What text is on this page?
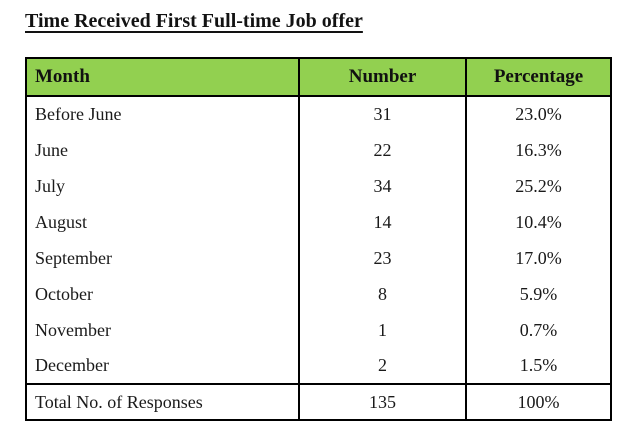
Time Received First Full-time Job offer
Month	Number	Percentage
Before June	31	23.0%
June	22	16.3%
July	34	25.2%
August	14	10.4%
September	23	17.0%
October	8	5.9%
November	1	0.7%
December	2	1.5%
Total No. of Responses	135	100%
